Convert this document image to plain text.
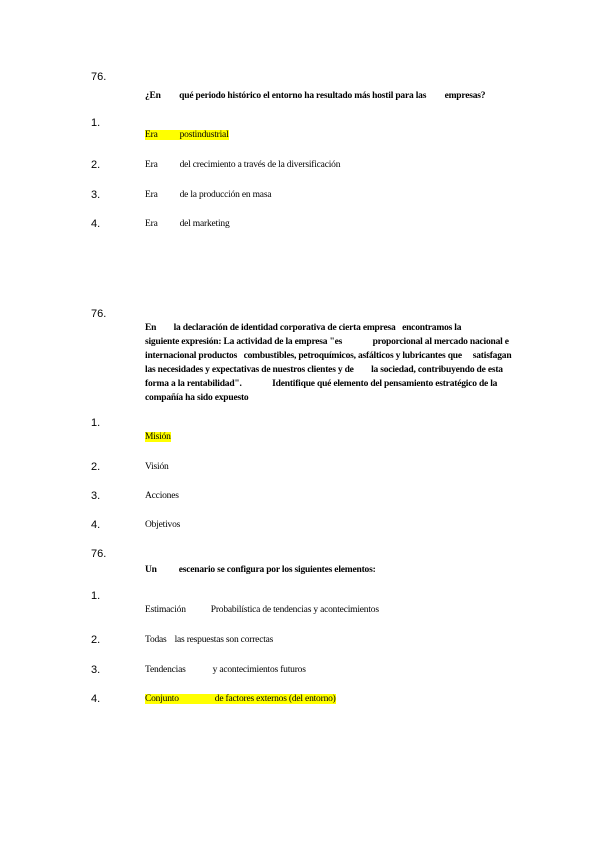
76.
¿En qué periodo histórico el entorno ha resultado más hostil para las empresas?
1.
Era postindustrial
2.	Era del crecimiento a través de la diversificación
3.	Era de la producción en masa
4.	Era del marketing
76.
En        la declaración de identidad corporativa de cierta empresa   encontramos la
siguiente expresión: La actividad de la empresa "es              proporcional al mercado nacional e
internacional productos   combustibles, petroquímicos, asfálticos y lubricantes que     satisfagan
las necesidades y expectativas de nuestros clientes y de        la sociedad, contribuyendo de esta
forma a la rentabilidad".              Identifique qué elemento del pensamiento estratégico de la
compañía ha sido expuesto
1.
Misión
2.	Visión
3.	Acciones
4.	Objetivos
76.
Un escenario se configura por los siguientes elementos:
1.
Estimación	Probabilística de tendencias y acontecimientos
2.	Todas las respuestas son correctas
3.	Tendencias	y acontecimientos futuros
4.	Conjunto	de factores externos (del entorno)
